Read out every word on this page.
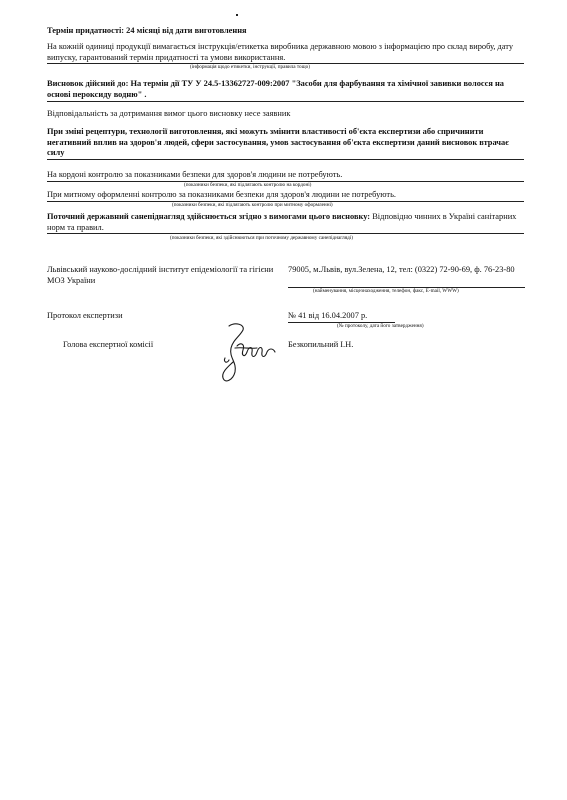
Термін придатності: 24 місяці від дати виготовлення
На кожній одиниці продукції вимагається інструкція/етикетка виробника державною мовою з інформацією про склад виробу, дату випуску, гарантований термін придатності та умови використання.
(інформація щодо етикетки, інструкції, правила тощо)
Висновок дійсний до: На термін дії ТУ У 24.5-13362727-009:2007 "Засоби для фарбування та хімічної завивки волосся на основі пероксиду водню" .
Відповідальність за дотримання вимог цього висновку несе заявник
При зміні рецептури, технології виготовлення, які можуть змінити властивості об'єкта експертизи або спричинити негативний вплив на здоров'я людей, сфери застосування, умов застосування об'єкта експертизи даний висновок втрачає силу
На кордоні контролю за показниками безпеки для здоров'я людини не потребують.
(показники безпеки, які підлягають контролю на кордоні)
При митному оформленні контролю за показниками безпеки для здоров'я людини не потребують.
(показники безпеки, які підлягають контролю при митному оформленні)
Поточний державний санепіднагляд здійснюється згідно з вимогами цього висновку: Відповідно чинних в Україні санітарних норм та правил.
(показники безпеки, які здійснюються при поточному державному санепіднагляді)
Львівський науково-дослідний інститут епідеміології та гігієни МОЗ України
79005, м.Львів, вул.Зелена, 12, тел: (0322) 72-90-69, ф. 76-23-80
(найменування, місцезнаходження, телефон, факс, E-mail, WWW)
Протокол експертизи	№ 41 від 16.04.2007 р.
(№ протоколу, дата його затвердження)
Голова експертної комісії	Безкопильний І.Н.
